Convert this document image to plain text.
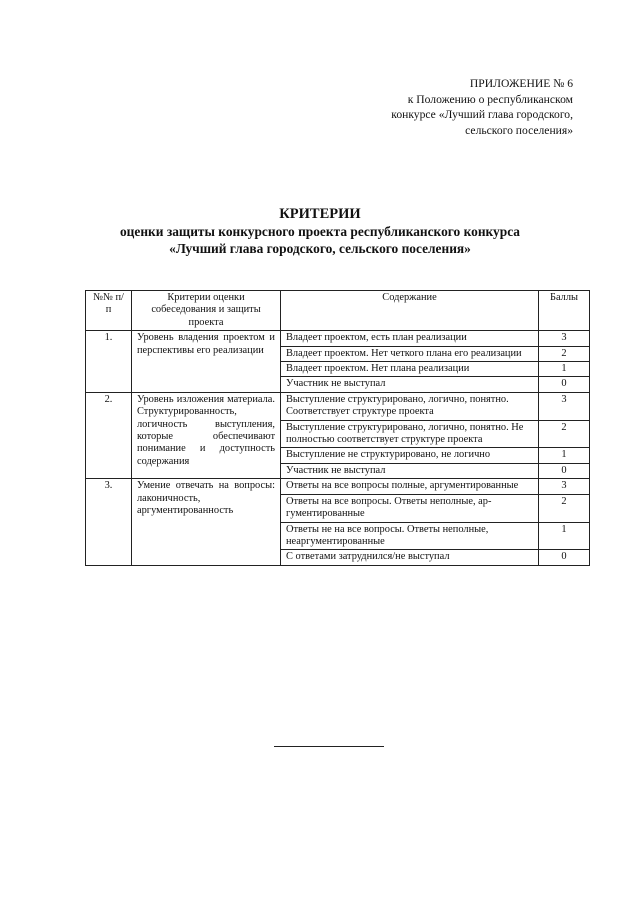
ПРИЛОЖЕНИЕ № 6
к Положению о республиканском
конкурсе «Лучший глава городского,
сельского поселения»
КРИТЕРИИ
оценки защиты конкурсного проекта республиканского конкурса
«Лучший глава городского, сельского поселения»
№№ п/п	Критерии оценки собеседования и защиты проекта	Содержание	Баллы
1.	Уровень владения проектом и перспективы его реализации	Владеет проектом, есть план реализации	3
		Владеет проектом. Нет четкого плана его реализации	2
		Владеет проектом. Нет плана реализации	1
		Участник не выступал	0
2.	Уровень изложения материала. Структурированность, логичность выступления, которые обеспечивают понимание и доступность содержания	Выступление структурировано, логично, понятно. Соответствует структуре проекта	3
		Выступление структурировано, логично, понятно. Не полностью соответствует структуре проекта	2
		Выступление не структурировано, не логично	1
		Участник не выступал	0
3.	Умение отвечать на вопросы: лаконичность, аргументированность	Ответы на все вопросы полные, аргументированные	3
		Ответы на все вопросы. Ответы неполные, аргументированные	2
		Ответы не на все вопросы. Ответы неполные, неаргументированные	1
		С ответами затруднился/не выступал	0
